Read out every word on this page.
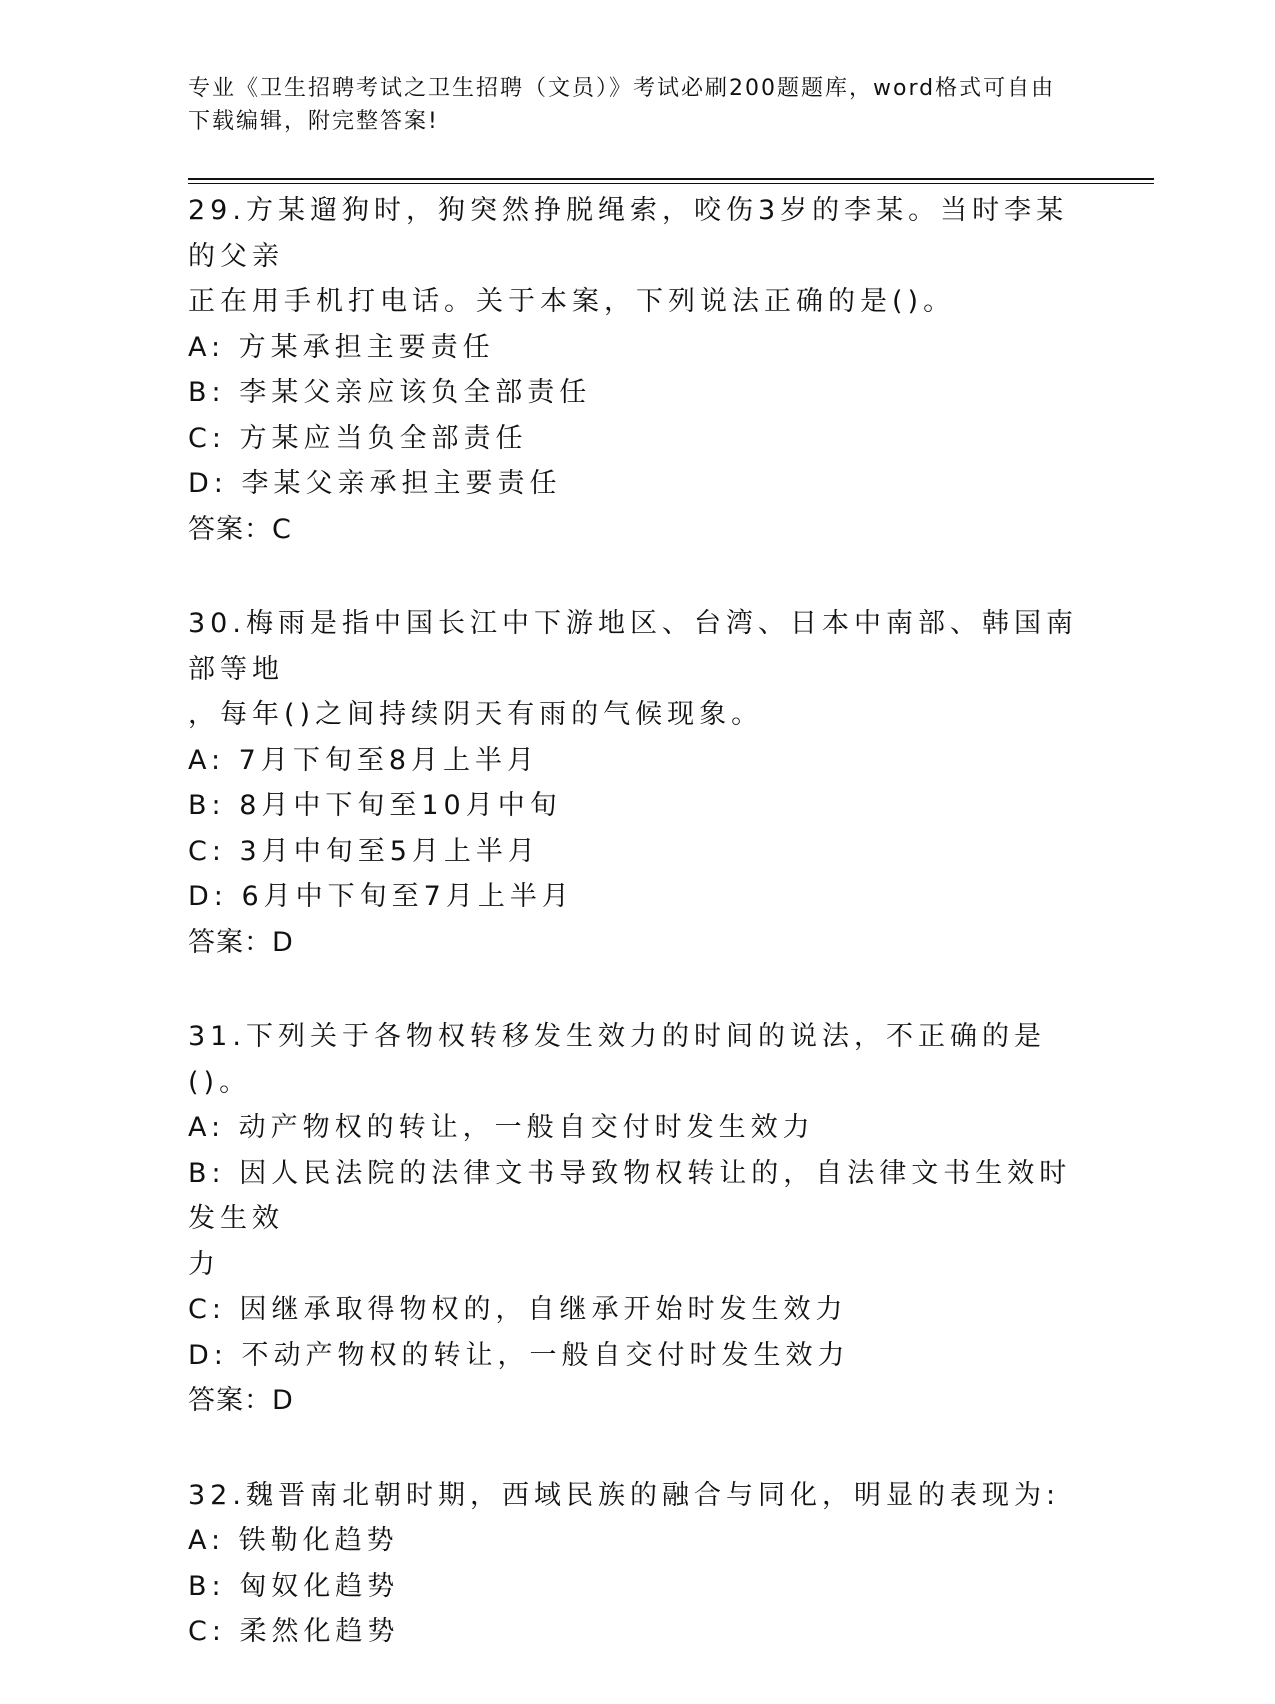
专业《卫生招聘考试之卫生招聘（文员）》考试必刷200题题库，word格式可自由下载编辑，附完整答案!

29.方某遛狗时，狗突然挣脱绳索，咬伤3岁的李某。当时李某的父亲

正在用手机打电话。关于本案，下列说法正确的是()。

A: 方某承担主要责任

B: 李某父亲应该负全部责任

C: 方某应当负全部责任

D: 李某父亲承担主要责任

答案：C

30.梅雨是指中国长江中下游地区、台湾、日本中南部、韩国南部等地

，每年()之间持续阴天有雨的气候现象。

A: 7月下旬至8月上半月

B: 8月中下旬至10月中旬

C: 3月中旬至5月上半月

D: 6月中下旬至7月上半月

答案：D

31.下列关于各物权转移发生效力的时间的说法，不正确的是()。

A: 动产物权的转让，一般自交付时发生效力

B: 因人民法院的法律文书导致物权转让的，自法律文书生效时发生效

力

C: 因继承取得物权的，自继承开始时发生效力

D: 不动产物权的转让，一般自交付时发生效力

答案：D

32.魏晋南北朝时期，西域民族的融合与同化，明显的表现为:

A: 铁勒化趋势

B: 匈奴化趋势

C: 柔然化趋势
